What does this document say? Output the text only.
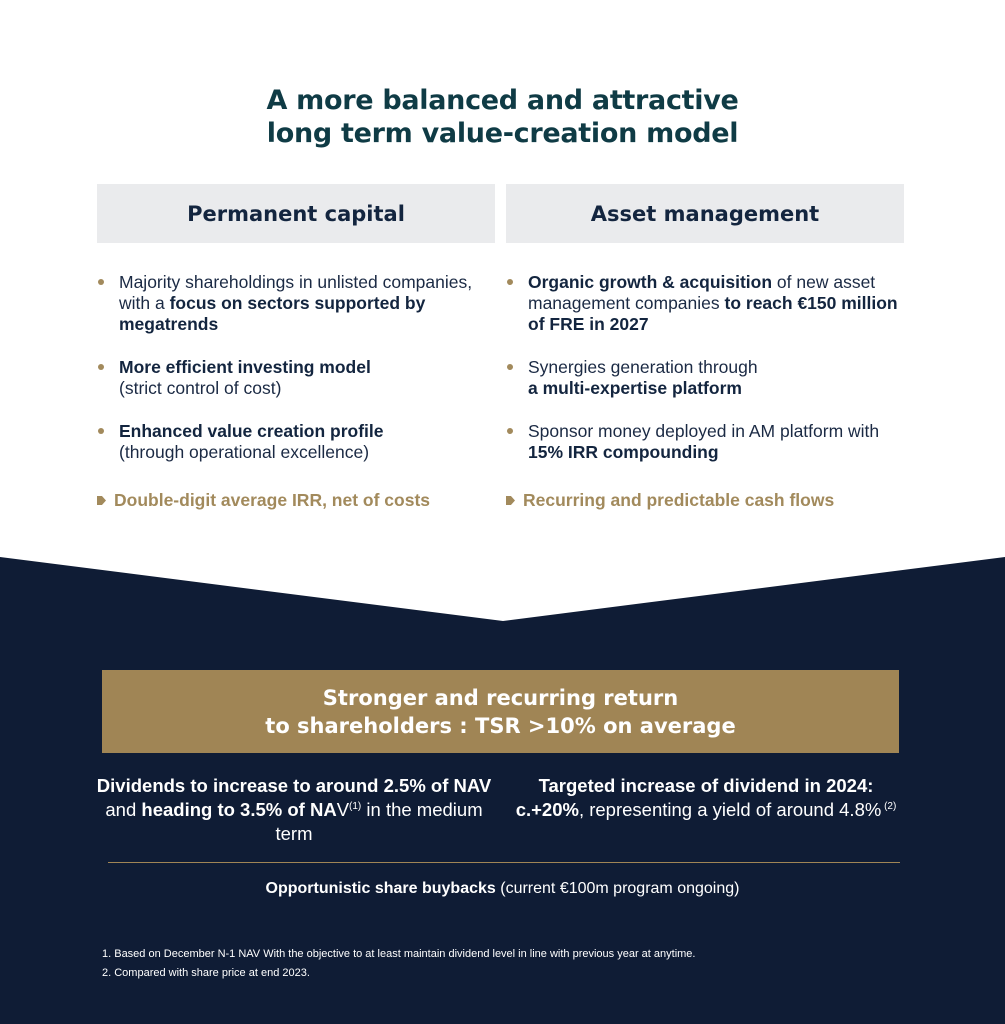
A more balanced and attractive
long term value-creation model
Permanent capital	Asset management
Majority shareholdings in unlisted companies, with a focus on sectors supported by megatrends
More efficient investing model
(strict control of cost)
Enhanced value creation profile
(through operational excellence)
Organic growth & acquisition of new asset management companies to reach €150 million of FRE in 2027
Synergies generation through
a multi-expertise platform
Sponsor money deployed in AM platform with
15% IRR compounding
Double-digit average IRR, net of costs	Recurring and predictable cash flows
Stronger and recurring return
to shareholders : TSR >10% on average
Dividends to increase to around 2.5% of NAV and heading to 3.5% of NAV$^{(1)}$ in the medium term
Targeted increase of dividend in 2024: c.+20%, representing a yield of around 4.8% $^{(2)}$
Opportunistic share buybacks (current €100m program ongoing)
1. Based on December N-1 NAV With the objective to at least maintain dividend level in line with previous year at anytime.
2. Compared with share price at end 2023.
